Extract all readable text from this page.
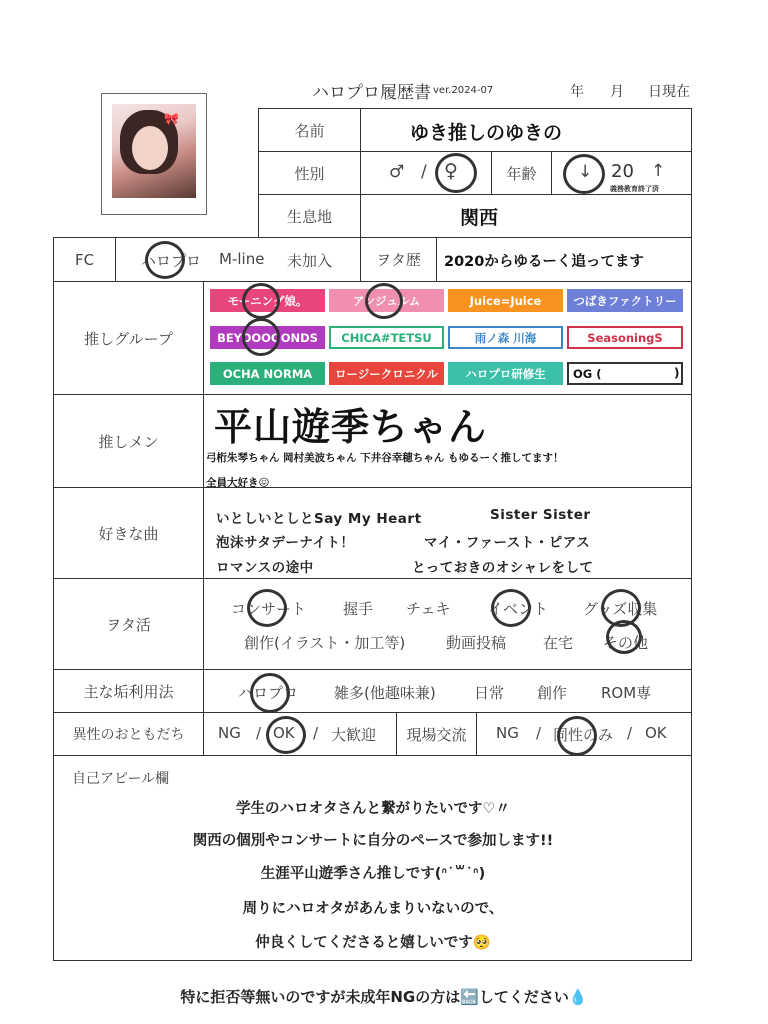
ハロプロ履歴書 ver.2024-07	年 月 日現在
🎀
名前	ゆき推しのゆきの
性別	♂ / ♀	年齢	↓ 20 ↑
義務教育終了済
生息地	関西
FC	ハロプロ M-line 未加入	ヲタ歴	2020からゆるーく追ってます
推しグループ
モーニング娘。	アンジュルム	Juice=Juice	つばきファクトリー
BEYOOOOONDS	CHICA#TETSU	雨ノ森 川海	SeasoningS
OCHA NORMA	ロージークロニクル	ハロプロ研修生	OG (	)
推しメン	平山遊季ちゃん
弓桁朱琴ちゃん 岡村美波ちゃん 下井谷幸穂ちゃん もゆるーく推してます！
全員大好き😖
好きな曲
いとしいとしとSay My Heart	Sister Sister
泡沫サタデーナイト！	マイ・ファースト・ピアス
ロマンスの途中	とっておきのオシャレをして
ヲタ活
コンサート 握手 チェキ イベント グッズ収集
創作(イラスト・加工等)	動画投稿 在宅 その他
主な垢利用法	ハロプロ 雑多(他趣味兼)	日常 創作 ROM専
異性のおともだち	NG / OK / 大歓迎	現場交流	NG / 同性のみ / OK
自己アピール欄
学生のハロオタさんと繋がりたいです♡〃
関西の個別やコンサートに自分のペースで参加します!!
生涯平山遊季さん推しです(ᐢ˙꒳˙ᐢ)
周りにハロオタがあんまりいないので、
仲良くしてくださると嬉しいです🥺
特に拒否等無いのですが未成年NGの方は🔙してください💧
